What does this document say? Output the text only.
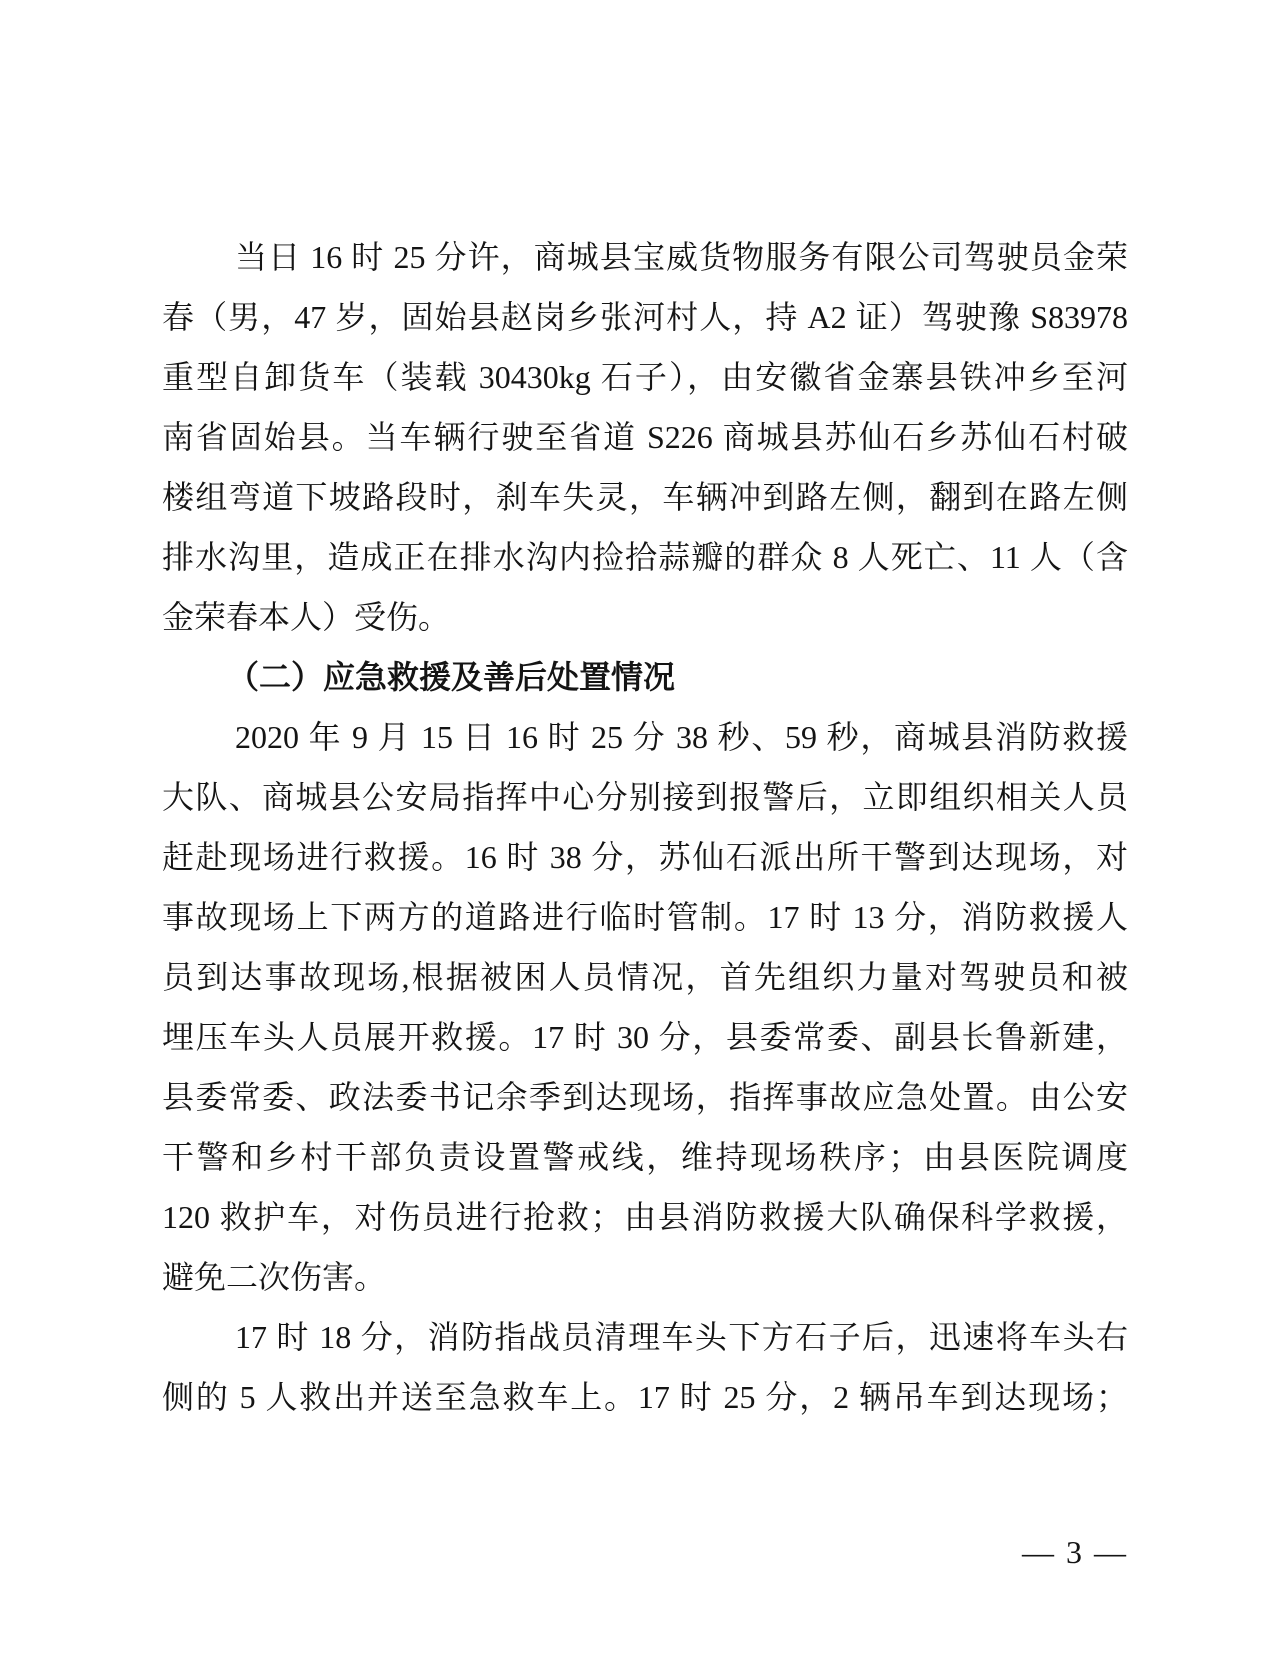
当日 16 时 25 分许，商城县宝威货物服务有限公司驾驶员金荣
春（男，47 岁，固始县赵岗乡张河村人，持 A2 证）驾驶豫 S83978
重型自卸货车（装载 30430kg 石子），由安徽省金寨县铁冲乡至河
南省固始县。当车辆行驶至省道 S226 商城县苏仙石乡苏仙石村破
楼组弯道下坡路段时，刹车失灵，车辆冲到路左侧，翻到在路左侧
排水沟里，造成正在排水沟内捡拾蒜瓣的群众 8 人死亡、11 人（含
金荣春本人）受伤。
（二）应急救援及善后处置情况
2020 年 9 月 15 日 16 时 25 分 38 秒、59 秒，商城县消防救援
大队、商城县公安局指挥中心分别接到报警后，立即组织相关人员
赶赴现场进行救援。16 时 38 分，苏仙石派出所干警到达现场，对
事故现场上下两方的道路进行临时管制。17 时 13 分，消防救援人
员到达事故现场,根据被困人员情况，首先组织力量对驾驶员和被
埋压车头人员展开救援。17 时 30 分，县委常委、副县长鲁新建，
县委常委、政法委书记余季到达现场，指挥事故应急处置。由公安
干警和乡村干部负责设置警戒线，维持现场秩序；由县医院调度
120 救护车，对伤员进行抢救；由县消防救援大队确保科学救援，
避免二次伤害。
17 时 18 分，消防指战员清理车头下方石子后，迅速将车头右
侧的 5 人救出并送至急救车上。17 时 25 分，2 辆吊车到达现场；
— 3 —
